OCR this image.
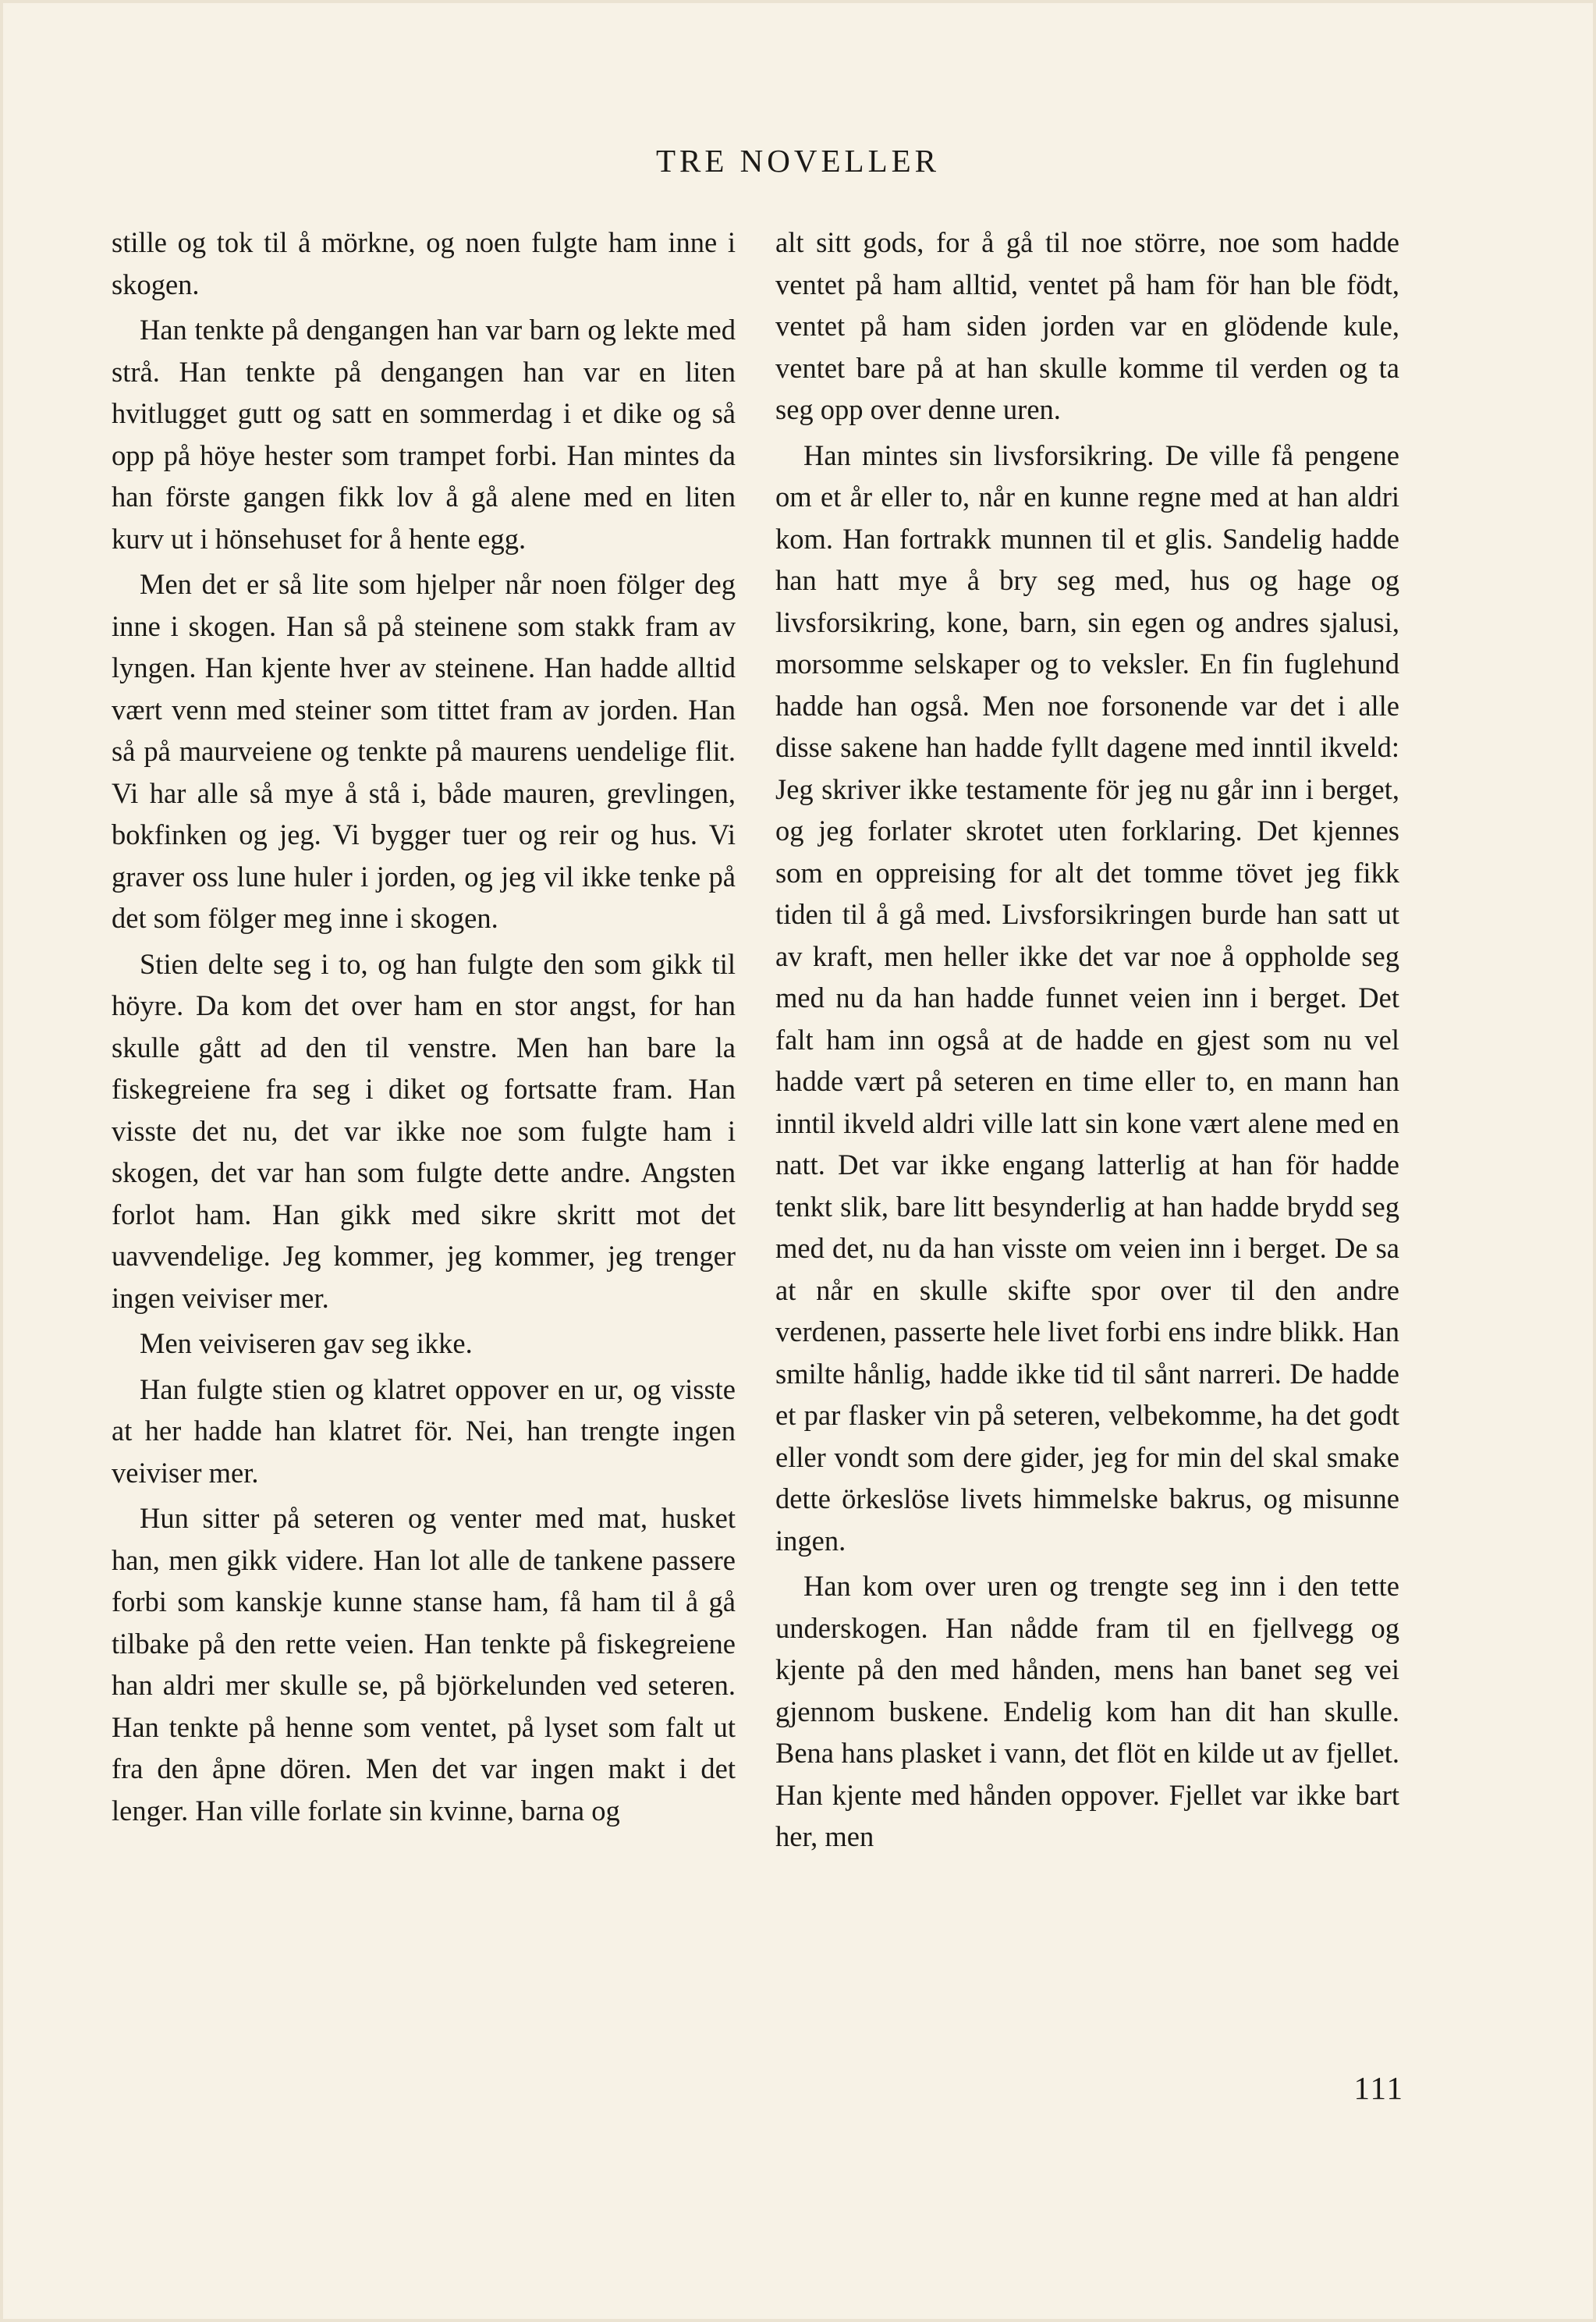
TRE NOVELLER

stille og tok til å mörkne, og noen fulgte ham inne i skogen.

Han tenkte på dengangen han var barn og lekte med strå. Han tenkte på dengangen han var en liten hvitlugget gutt og satt en sommerdag i et dike og så opp på höye hester som trampet forbi. Han mintes da han förste gangen fikk lov å gå alene med en liten kurv ut i hönsehuset for å hente egg.

Men det er så lite som hjelper når noen fölger deg inne i skogen. Han så på steinene som stakk fram av lyngen. Han kjente hver av steinene. Han hadde alltid vært venn med steiner som tittet fram av jorden. Han så på maurveiene og tenkte på maurens uendelige flit. Vi har alle så mye å stå i, både mauren, grevlingen, bokfinken og jeg. Vi bygger tuer og reir og hus. Vi graver oss lune huler i jorden, og jeg vil ikke tenke på det som fölger meg inne i skogen.

Stien delte seg i to, og han fulgte den som gikk til höyre. Da kom det over ham en stor angst, for han skulle gått ad den til venstre. Men han bare la fiskegreiene fra seg i diket og fortsatte fram. Han visste det nu, det var ikke noe som fulgte ham i skogen, det var han som fulgte dette andre. Angsten forlot ham. Han gikk med sikre skritt mot det uavvendelige. Jeg kommer, jeg kommer, jeg trenger ingen veiviser mer.

Men veiviseren gav seg ikke.

Han fulgte stien og klatret oppover en ur, og visste at her hadde han klatret för. Nei, han trengte ingen veiviser mer.

Hun sitter på seteren og venter med mat, husket han, men gikk videre. Han lot alle de tankene passere forbi som kanskje kunne stanse ham, få ham til å gå tilbake på den rette veien. Han tenkte på fiskegreiene han aldri mer skulle se, på björkelunden ved seteren. Han tenkte på henne som ventet, på lyset som falt ut fra den åpne dören. Men det var ingen makt i det lenger. Han ville forlate sin kvinne, barna og

alt sitt gods, for å gå til noe större, noe som hadde ventet på ham alltid, ventet på ham för han ble födt, ventet på ham siden jorden var en glödende kule, ventet bare på at han skulle komme til verden og ta seg opp over denne uren.

Han mintes sin livsforsikring. De ville få pengene om et år eller to, når en kunne regne med at han aldri kom. Han fortrakk munnen til et glis. Sandelig hadde han hatt mye å bry seg med, hus og hage og livsforsikring, kone, barn, sin egen og andres sjalusi, morsomme selskaper og to veksler. En fin fuglehund hadde han også. Men noe forsonende var det i alle disse sakene han hadde fyllt dagene med inntil ikveld: Jeg skriver ikke testamente för jeg nu går inn i berget, og jeg forlater skrotet uten forklaring. Det kjennes som en oppreising for alt det tomme tövet jeg fikk tiden til å gå med. Livsforsikringen burde han satt ut av kraft, men heller ikke det var noe å oppholde seg med nu da han hadde funnet veien inn i berget. Det falt ham inn også at de hadde en gjest som nu vel hadde vært på seteren en time eller to, en mann han inntil ikveld aldri ville latt sin kone vært alene med en natt. Det var ikke engang latterlig at han för hadde tenkt slik, bare litt besynderlig at han hadde brydd seg med det, nu da han visste om veien inn i berget. De sa at når en skulle skifte spor over til den andre verdenen, passerte hele livet forbi ens indre blikk. Han smilte hånlig, hadde ikke tid til sånt narreri. De hadde et par flasker vin på seteren, velbekomme, ha det godt eller vondt som dere gider, jeg for min del skal smake dette örkeslöse livets himmelske bakrus, og misunne ingen.

Han kom over uren og trengte seg inn i den tette underskogen. Han nådde fram til en fjellvegg og kjente på den med hånden, mens han banet seg vei gjennom buskene. Endelig kom han dit han skulle. Bena hans plasket i vann, det flöt en kilde ut av fjellet. Han kjente med hånden oppover. Fjellet var ikke bart her, men

111
